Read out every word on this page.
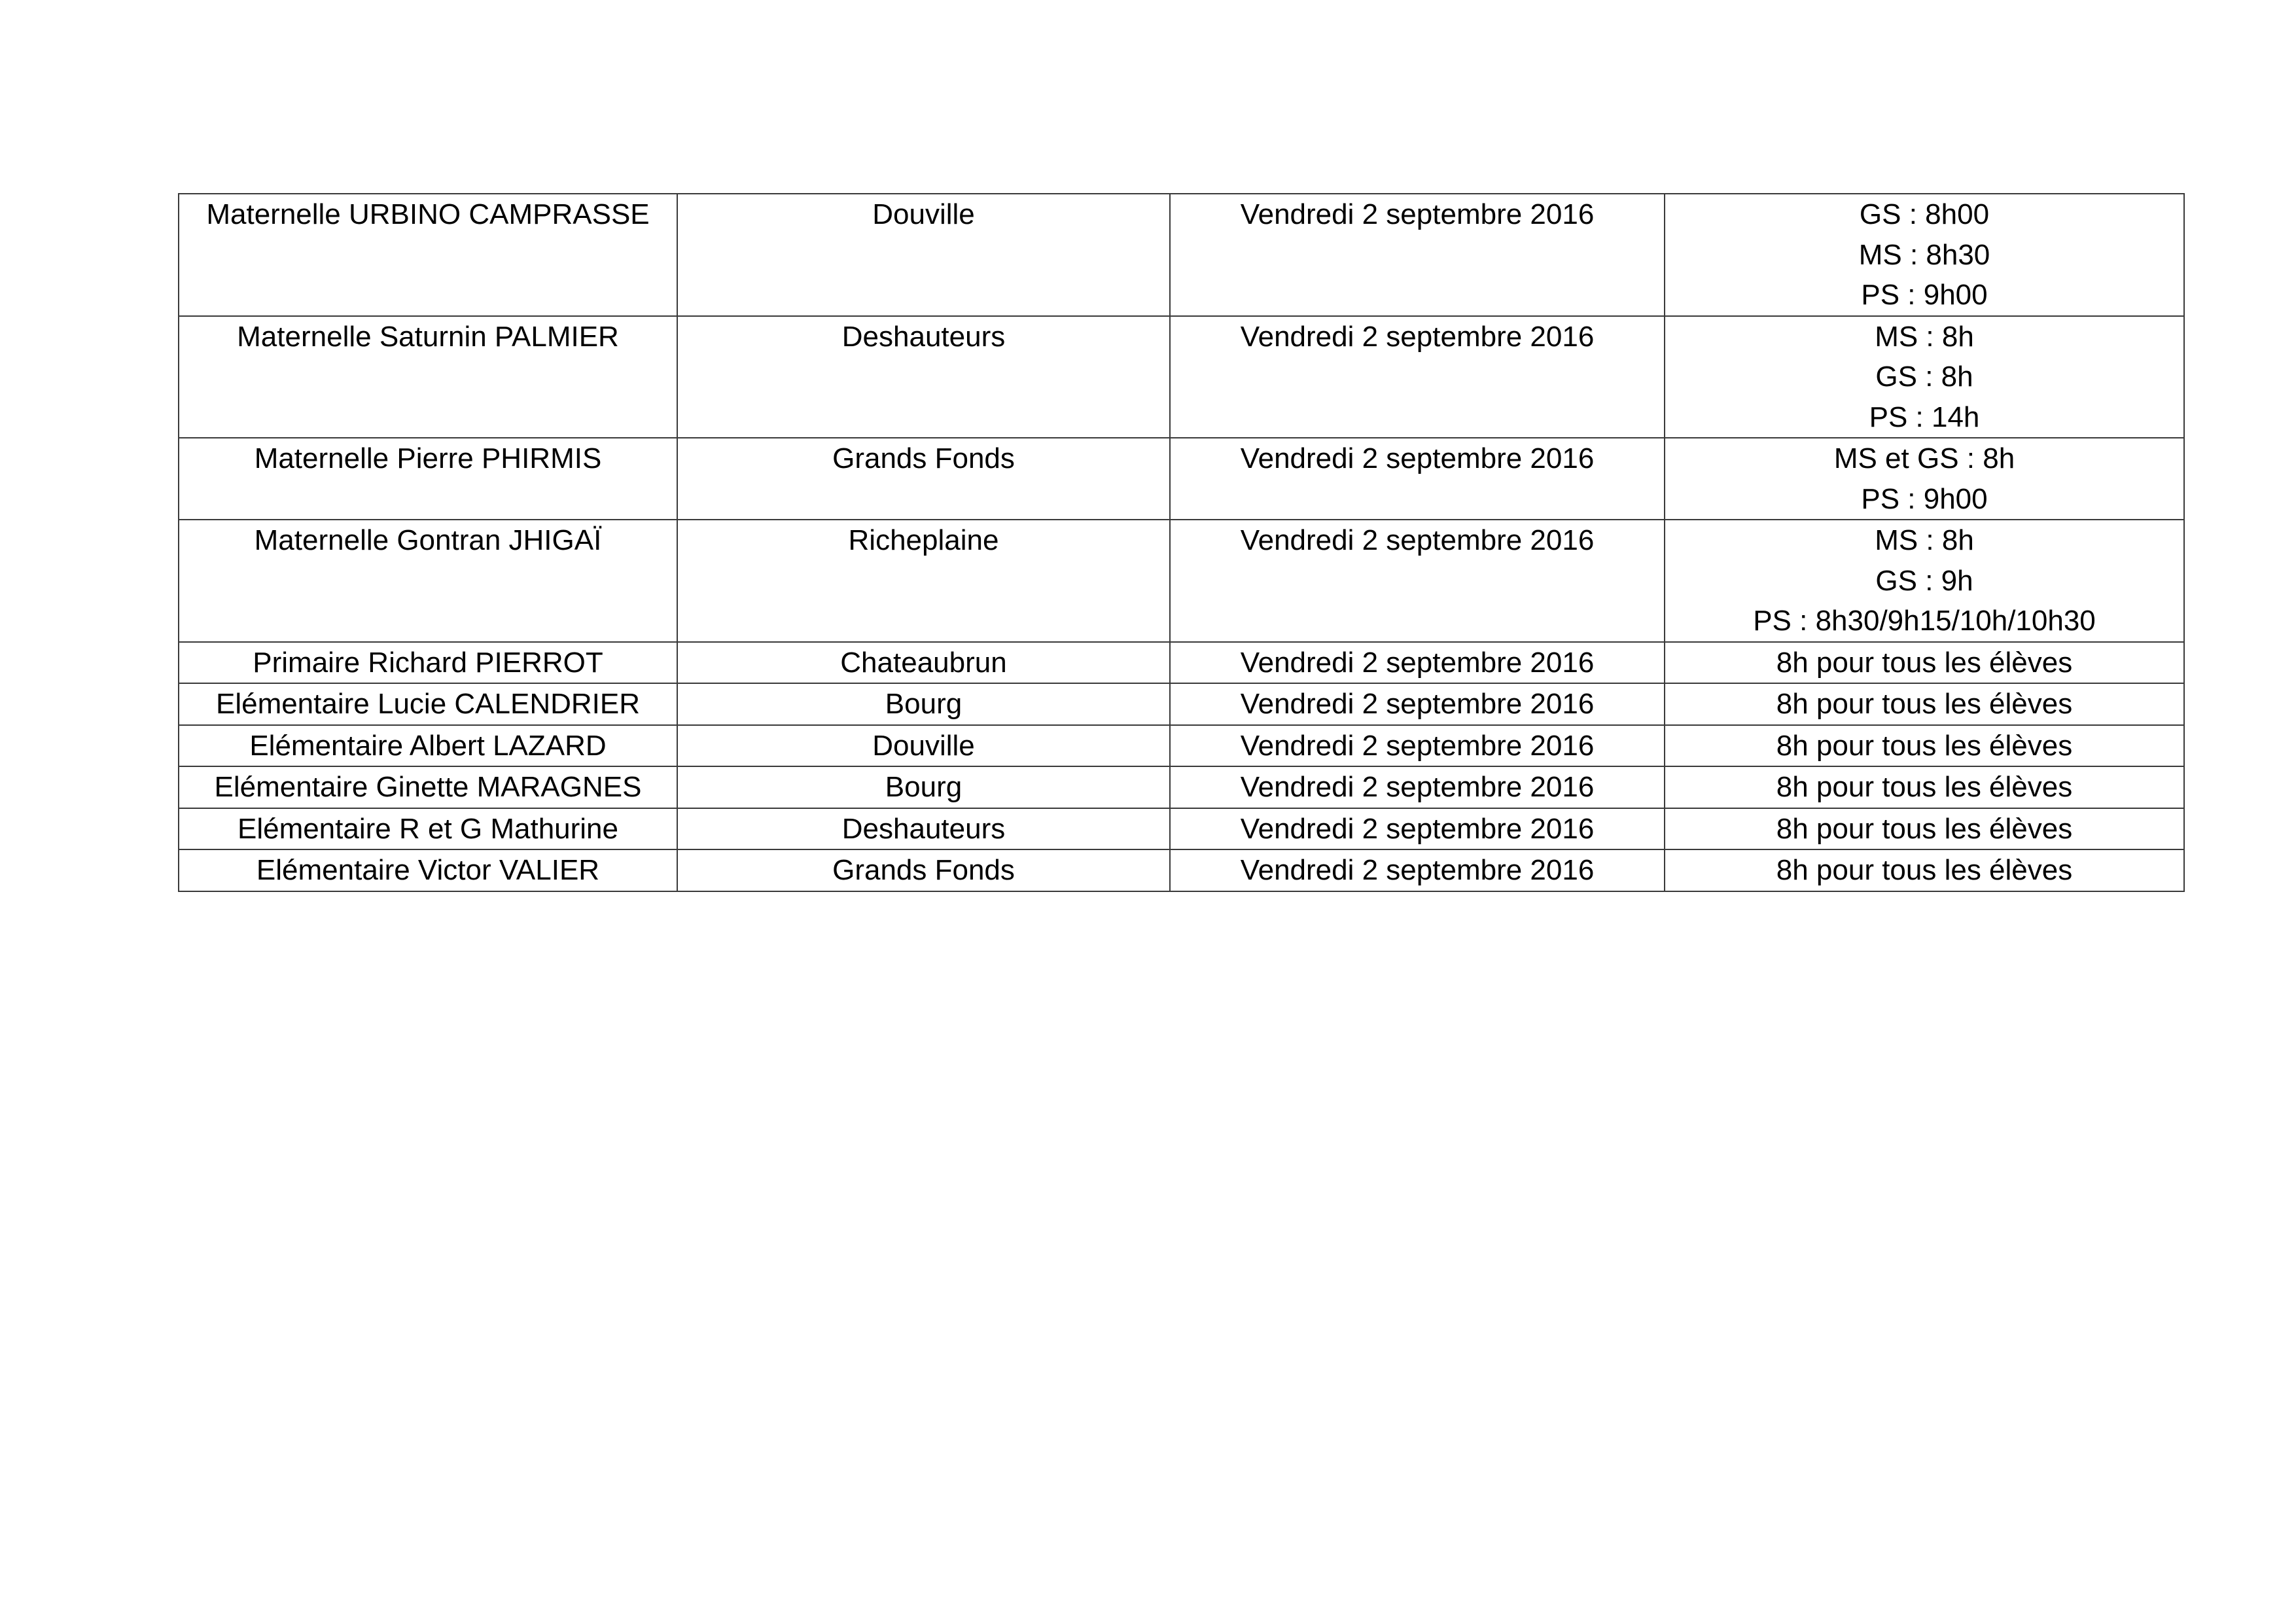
Maternelle URBINO CAMPRASSE	Douville	Vendredi 2 septembre 2016	GS : 8h00
MS : 8h30
PS : 9h00

Maternelle Saturnin PALMIER	Deshauteurs	Vendredi 2 septembre 2016	MS : 8h
GS : 8h
PS : 14h

Maternelle Pierre PHIRMIS	Grands Fonds	Vendredi 2 septembre 2016	MS et GS : 8h
PS : 9h00

Maternelle Gontran JHIGAÏ	Richeplaine	Vendredi 2 septembre 2016	MS : 8h
GS : 9h
PS : 8h30/9h15/10h/10h30

Primaire Richard PIERROT	Chateaubrun	Vendredi 2 septembre 2016	8h pour tous les élèves

Elémentaire Lucie CALENDRIER	Bourg	Vendredi 2 septembre 2016	8h pour tous les élèves

Elémentaire Albert LAZARD	Douville	Vendredi 2 septembre 2016	8h pour tous les élèves

Elémentaire Ginette MARAGNES	Bourg	Vendredi 2 septembre 2016	8h pour tous les élèves

Elémentaire R et G Mathurine	Deshauteurs	Vendredi 2 septembre 2016	8h pour tous les élèves

Elémentaire Victor VALIER	Grands Fonds	Vendredi 2 septembre 2016	8h pour tous les élèves
